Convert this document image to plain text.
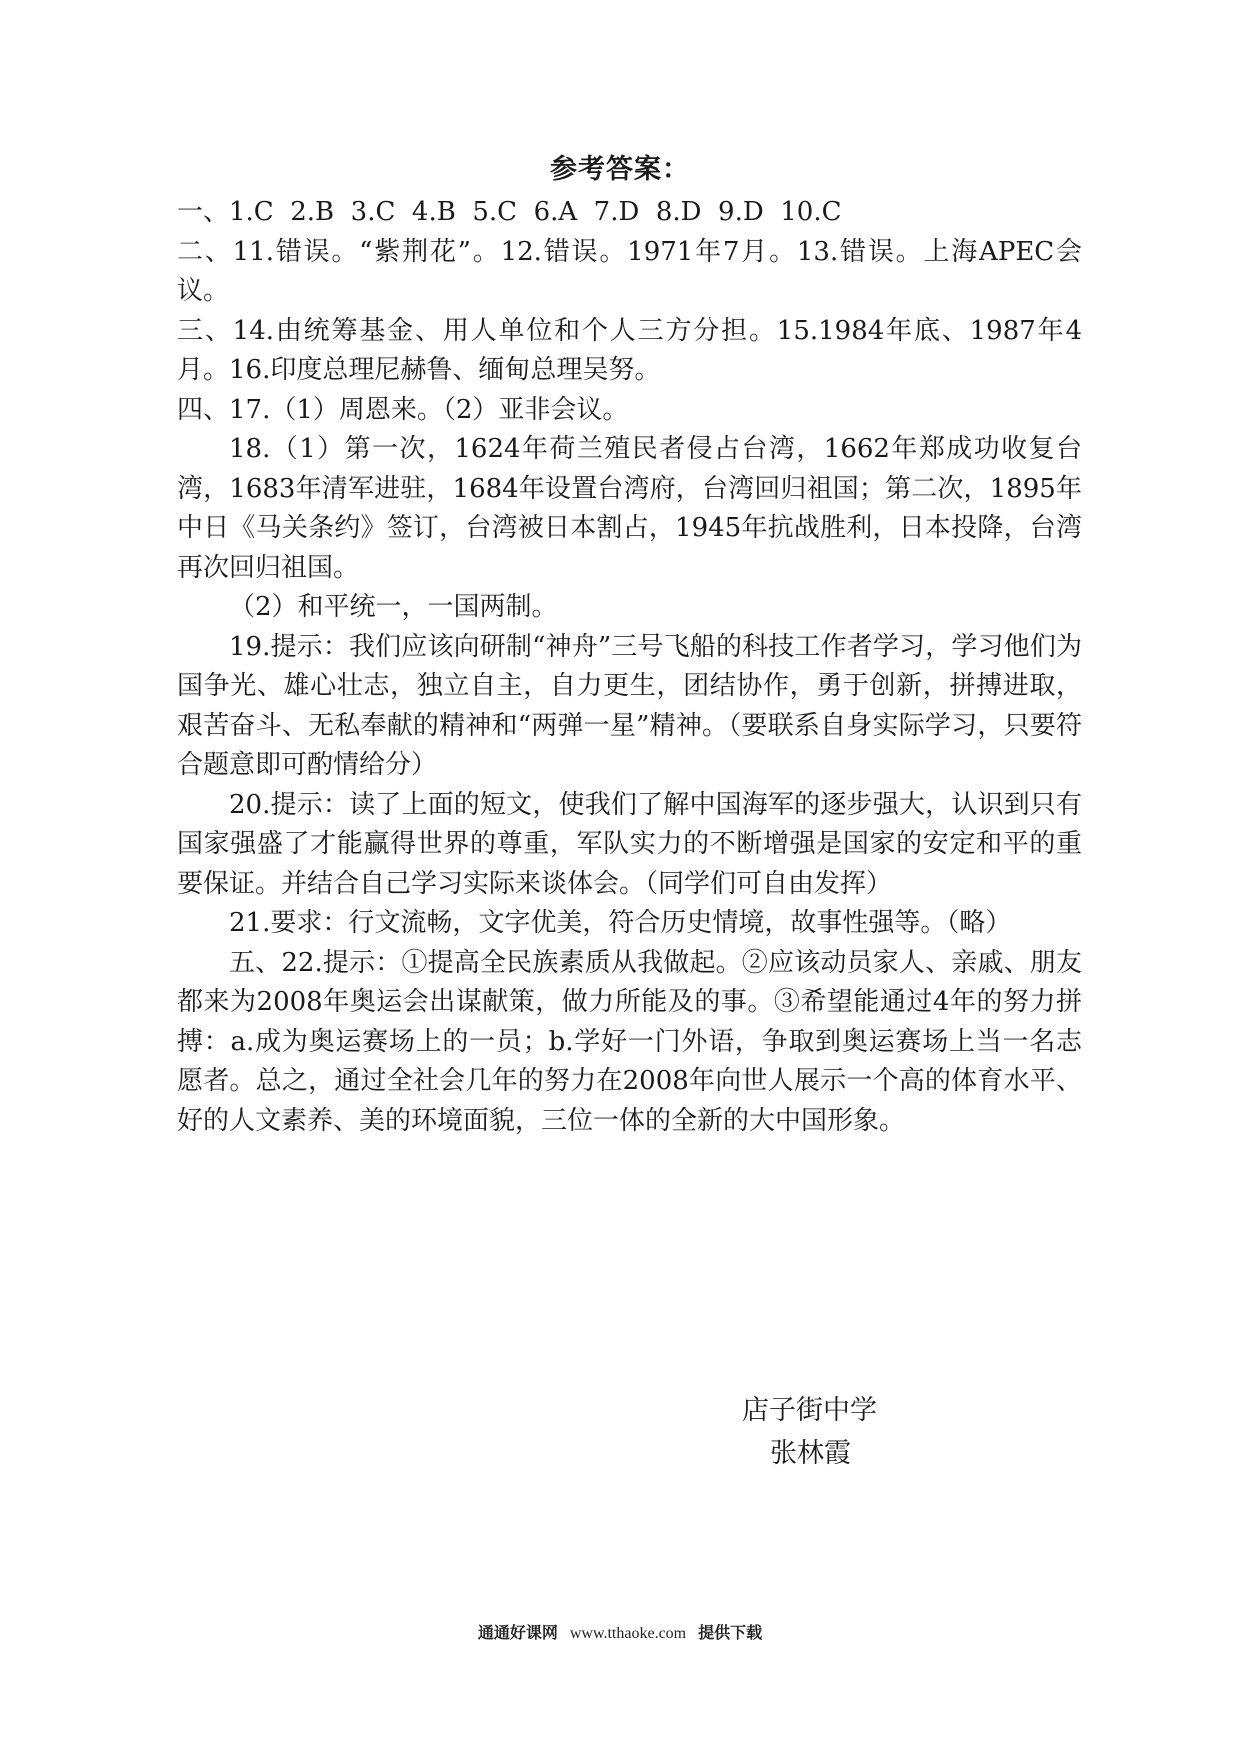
参考答案：

一、1.C  2.B  3.C  4.B  5.C  6.A  7.D  8.D  9.D  10.C

二、11.错误。“紫荆花”。12.错误。1971年7月。13.错误。上海APEC会议。

三、14.由统筹基金、用人单位和个人三方分担。15.1984年底、1987年4月。16.印度总理尼赫鲁、缅甸总理吴努。

四、17.（1）周恩来。（2）亚非会议。

18.（1）第一次，1624年荷兰殖民者侵占台湾，1662年郑成功收复台湾，1683年清军进驻，1684年设置台湾府，台湾回归祖国；第二次，1895年中日《马关条约》签订，台湾被日本割占，1945年抗战胜利，日本投降，台湾再次回归祖国。

（2）和平统一，一国两制。

19.提示：我们应该向研制“神舟”三号飞船的科技工作者学习，学习他们为国争光、雄心壮志，独立自主，自力更生，团结协作，勇于创新，拼搏进取，艰苦奋斗、无私奉献的精神和“两弹一星”精神。（要联系自身实际学习，只要符合题意即可酌情给分）

20.提示：读了上面的短文，使我们了解中国海军的逐步强大，认识到只有国家强盛了才能赢得世界的尊重，军队实力的不断增强是国家的安定和平的重要保证。并结合自己学习实际来谈体会。（同学们可自由发挥）

21.要求：行文流畅，文字优美，符合历史情境，故事性强等。（略）

五、22.提示：①提高全民族素质从我做起。②应该动员家人、亲戚、朋友都来为2008年奥运会出谋献策，做力所能及的事。③希望能通过4年的努力拼搏：a.成为奥运赛场上的一员；b.学好一门外语，争取到奥运赛场上当一名志愿者。总之，通过全社会几年的努力在2008年向世人展示一个高的体育水平、好的人文素养、美的环境面貌，三位一体的全新的大中国形象。

店子街中学
张林霞
通通好课网 www.tthaoke.com 提供下载
